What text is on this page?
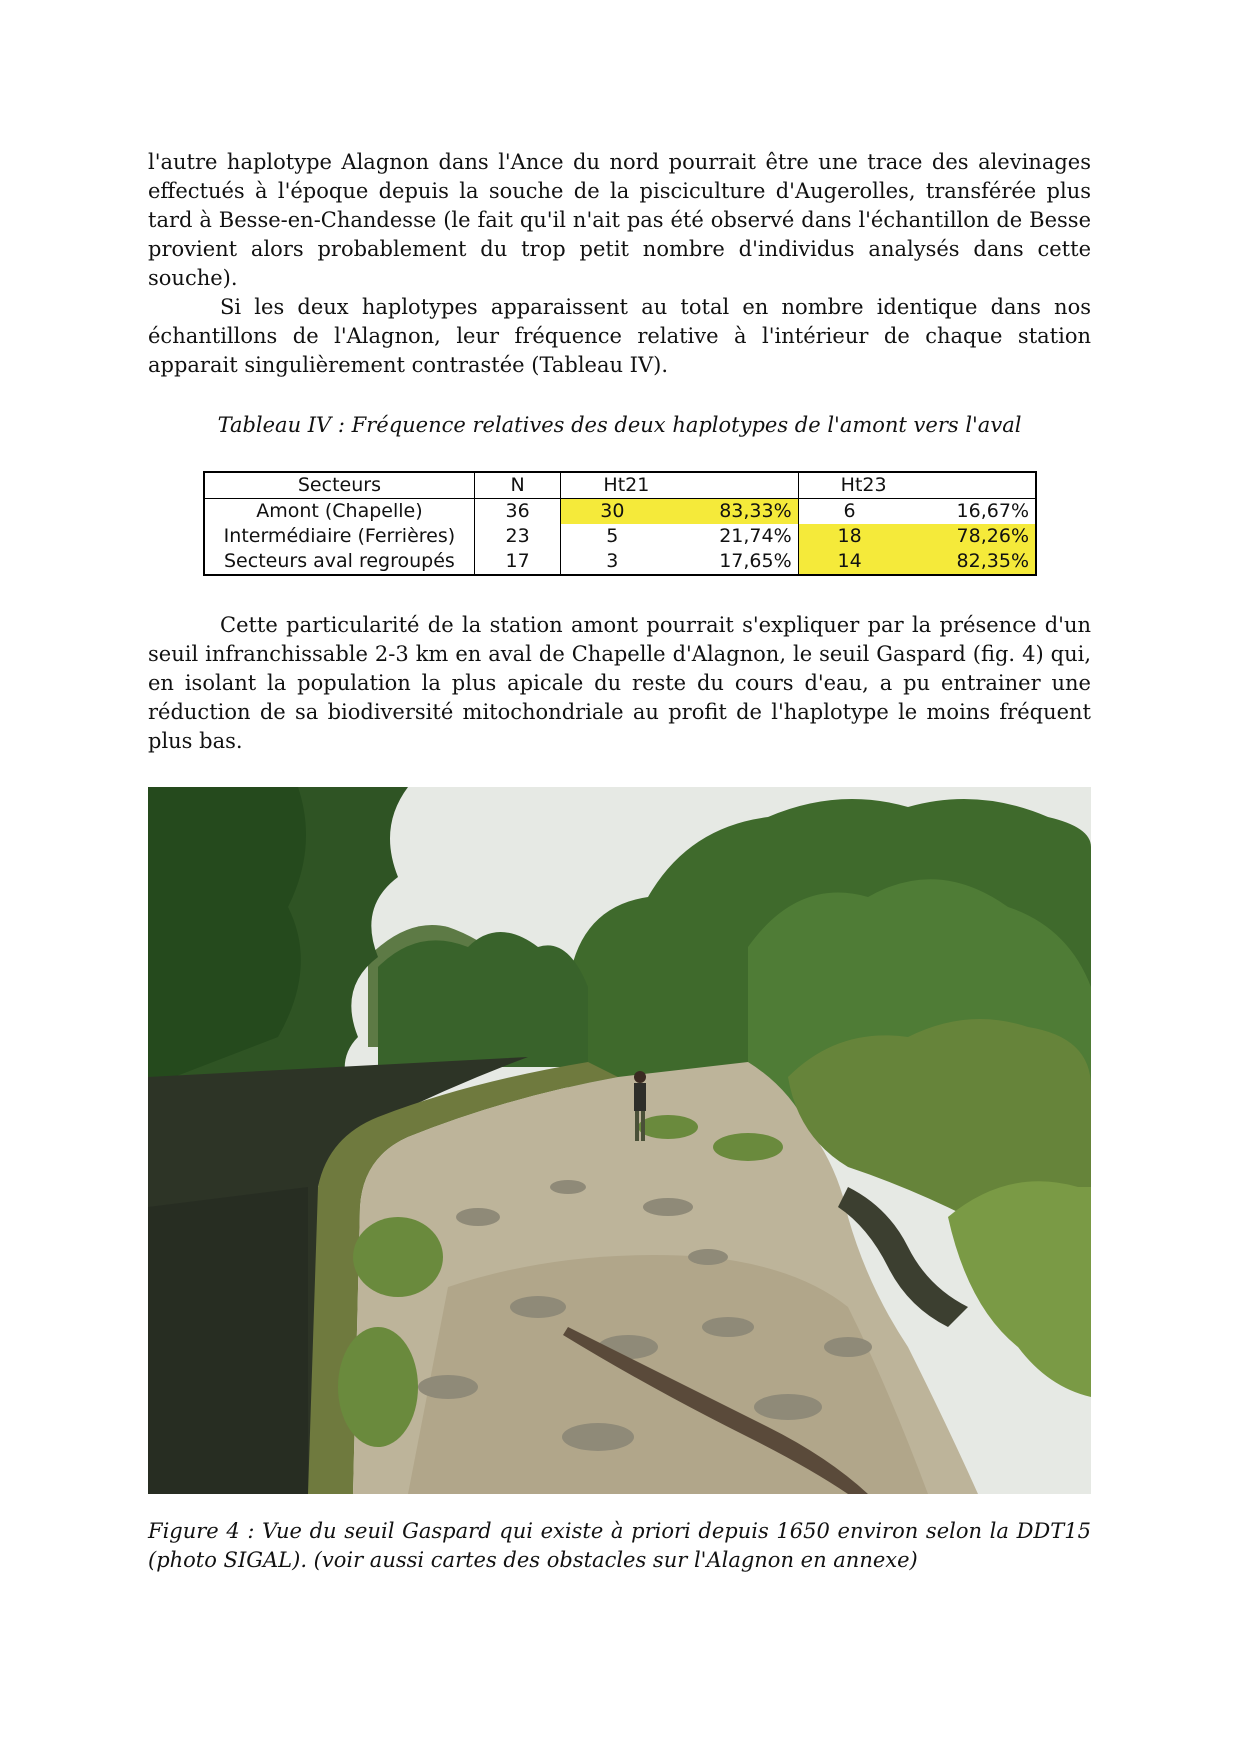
l'autre haplotype Alagnon dans l'Ance du nord pourrait être une trace des alevinages effectués à l'époque depuis la souche de la pisciculture d'Augerolles, transférée plus tard à Besse-en-Chandesse (le fait qu'il n'ait pas été observé dans l'échantillon de Besse provient alors probablement du trop petit nombre d'individus analysés dans cette souche).

Si les deux haplotypes apparaissent au total en nombre identique dans nos échantillons de l'Alagnon, leur fréquence relative à l'intérieur de chaque station apparait singulièrement contrastée (Tableau IV).

Tableau IV : Fréquence relatives des deux haplotypes de l'amont vers l'aval

Secteurs	N	Ht21		Ht23	
Amont (Chapelle)	36	30	83,33%	6	16,67%
Intermédiaire (Ferrières)	23	5	21,74%	18	78,26%
Secteurs aval regroupés	17	3	17,65%	14	82,35%

Cette particularité de la station amont pourrait s'expliquer par la présence d'un seuil infranchissable 2-3 km en aval de Chapelle d'Alagnon, le seuil Gaspard (fig. 4) qui, en isolant la population la plus apicale du reste du cours d'eau, a pu entrainer une réduction de sa biodiversité mitochondriale au profit de l'haplotype le moins fréquent plus bas.

Figure 4 : Vue du seuil Gaspard qui existe à priori depuis 1650 environ selon la DDT15 (photo SIGAL). (voir aussi cartes des obstacles sur l'Alagnon en annexe)
